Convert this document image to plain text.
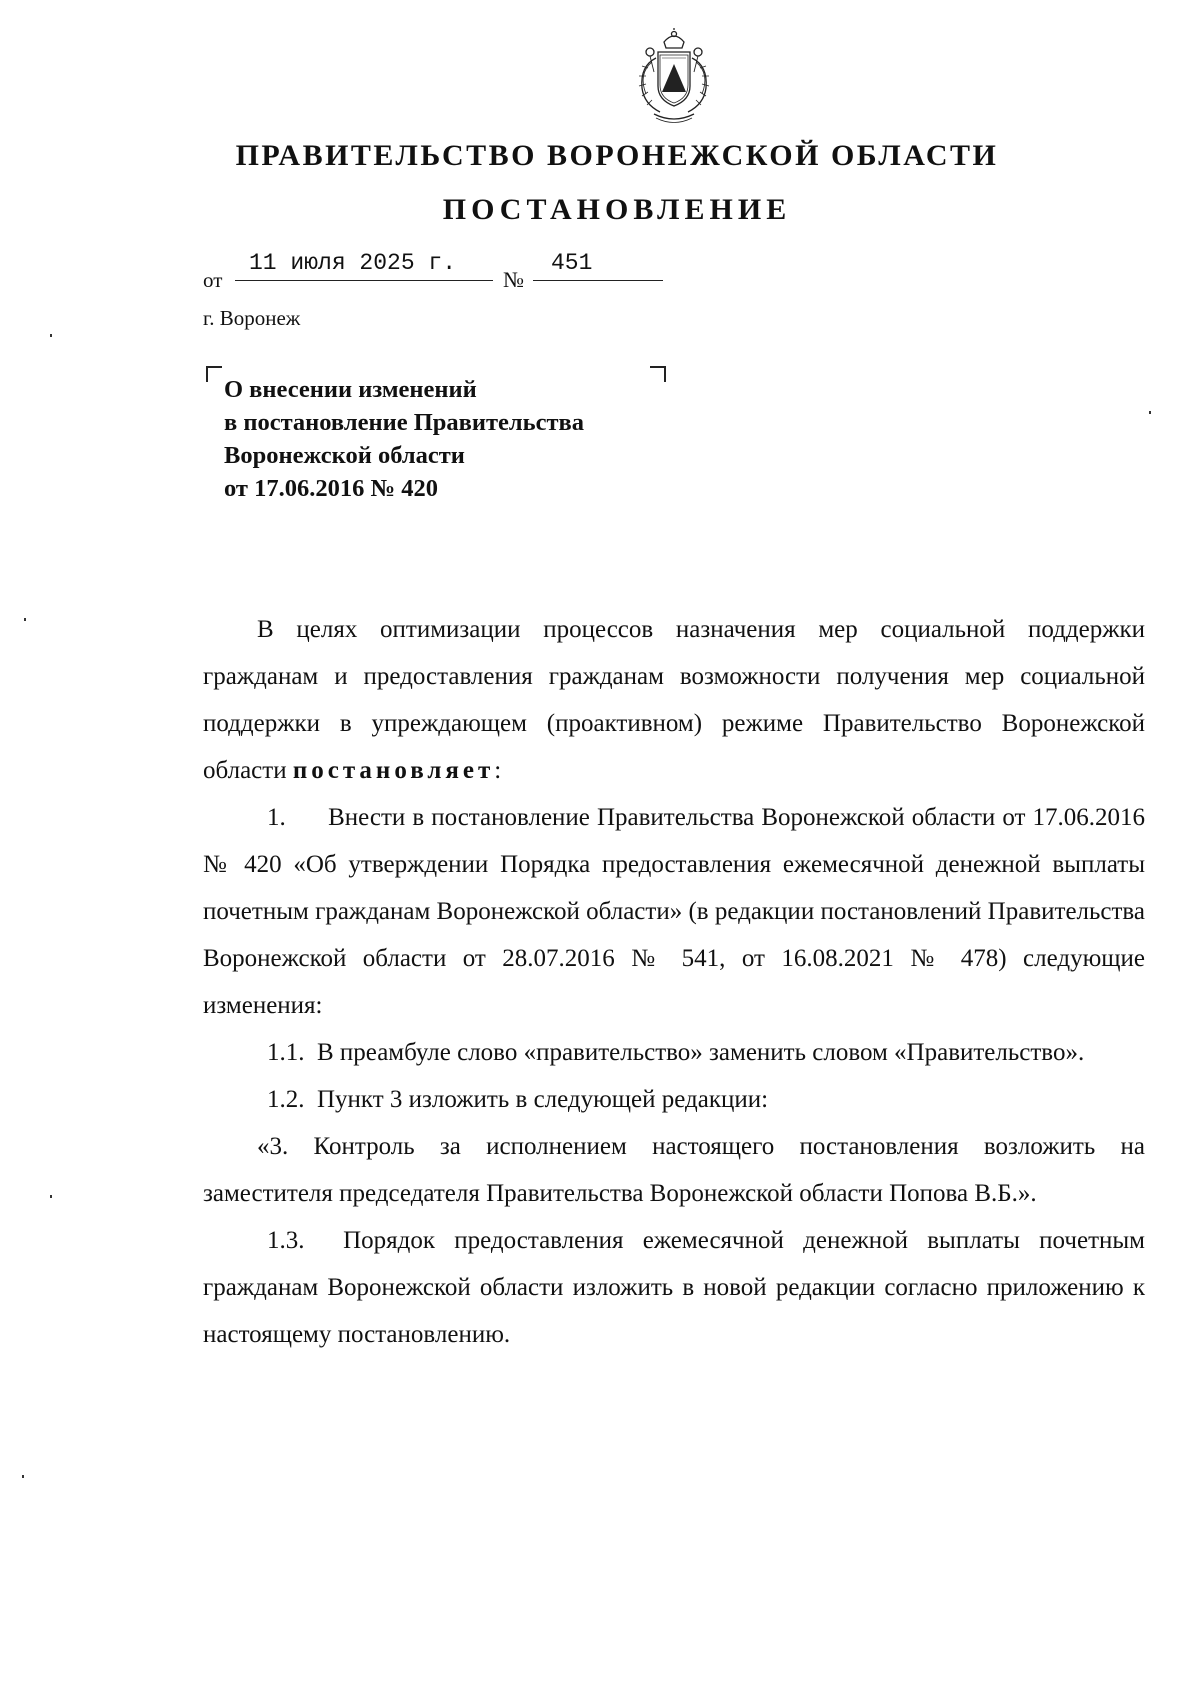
ПРАВИТЕЛЬСТВО ВОРОНЕЖСКОЙ ОБЛАСТИ
ПОСТАНОВЛЕНИЕ
от
11 июля 2025 г.
№
451
г. Воронеж
О внесении изменений
в постановление Правительства
Воронежской области
от 17.06.2016 № 420
В целях оптимизации процессов назначения мер социальной поддержки гражданам и предоставления гражданам возможности получения мер социальной поддержки в упреждающем (проактивном) режиме Правительство Воронежской области постановляет:
1.      Внести в постановление Правительства Воронежской области от 17.06.2016 № 420 «Об утверждении Порядка предоставления ежемесячной денежной выплаты почетным гражданам Воронежской области» (в редакции постановлений Правительства Воронежской области от 28.07.2016 № 541, от 16.08.2021 № 478) следующие изменения:
1.1.  В преамбуле слово «правительство» заменить словом «Правительство».
1.2.  Пункт 3 изложить в следующей редакции:
«3. Контроль за исполнением настоящего постановления возложить на заместителя председателя Правительства Воронежской области Попова В.Б.».
1.3.  Порядок предоставления ежемесячной денежной выплаты почетным гражданам Воронежской области изложить в новой редакции согласно приложению к настоящему постановлению.
